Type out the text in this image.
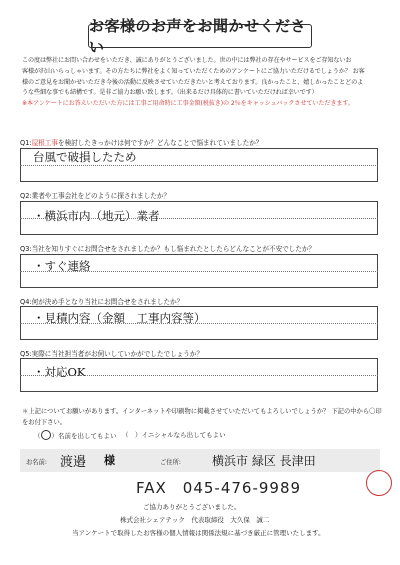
お客様のお声をお聞かせください

この度は弊社にお問い合わせをいただき、誠にありがとうございました。世の中には弊社の存在やサービスをご存知ないお

客様が沢山いらっしゃいます。その方たちに弊社をよく知っていただくためのアンケートにご協力いただけるでしょうか？ お客

様のご意見をお聞かせいただき今後の活動に反映させていただきたいと考えております。良かったこと、嬉しかったことどのよ

うな些細な事でも結構です。是非ご協力お願い致します。（出来るだけ具体的に書いていただければ幸いです）

※本アンケートにお答えいただいた方には工事ご用命時に工事金額(税抜き)の 2％をキャッシュバックさせていただきます。

Q1:屋根工事を検討したきっかけは何ですか？どんなことで悩まれていましたか？
台風で破損したため
Q2:業者や工事会社をどのように探されましたか？
・横浜市内（地元）業者
Q3:当社を知りすぐにお問合せをされましたか？もし悩まれたとしたらどんなことが不安でしたか？
・すぐ連絡
Q4:何が決め手となり当社にお問合せをされましたか？
・見積内容（金額　工事内容等）
Q5:実際に当社担当者がお伺いしていかがでしたでしょうか？
・対応OK

＊上記についてお願いがあります。インターネットや印刷物に掲載させていただいてもよろしいでしょうか？ 下記の中から〇印

をお付下さい。

（○）名前を出してもよい （　）イニシャルなら出してもよい
お名前: 渡邉 様	ご住所:	横浜市 緑区 長津田
FAX　045-476-9989
ご協力ありがとうございました。
株式会社シェアテック　代表取締役　大久保　誠二
当アンケートで取得したお客様の個人情報は関係法規に基づき厳正に管理いたします。
